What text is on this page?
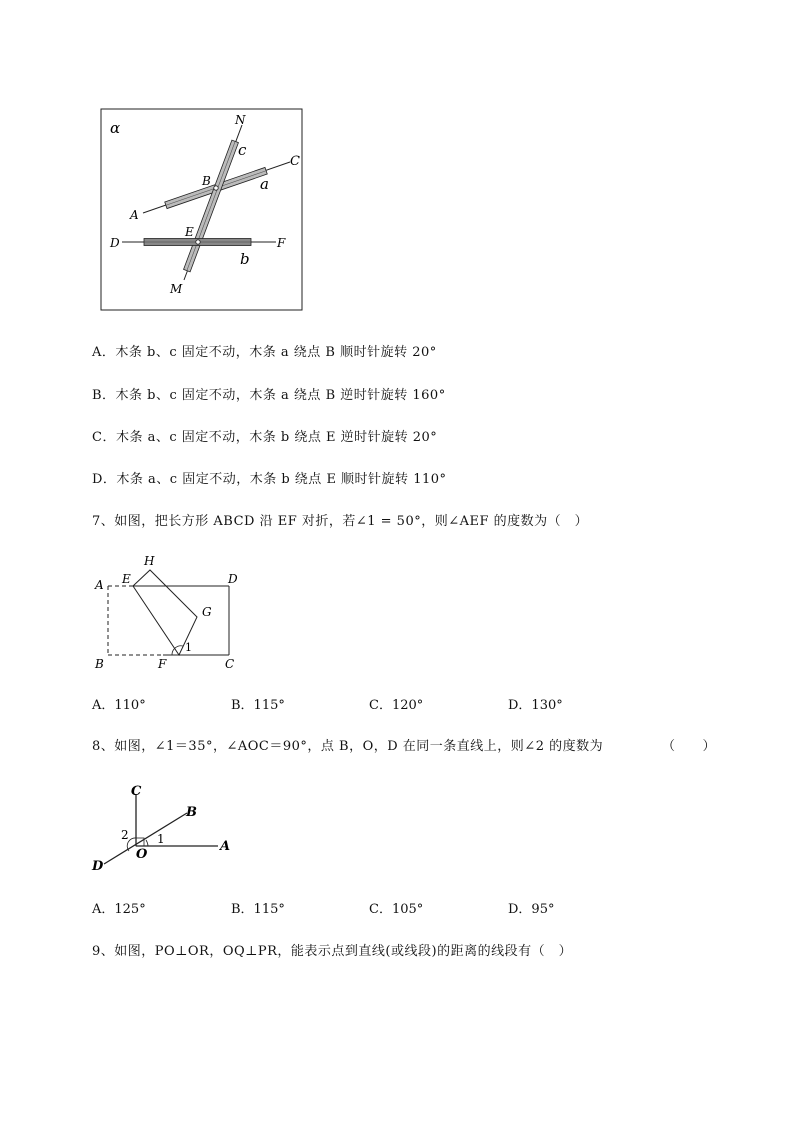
α	N
c
C
B	a
A
E
D	F
b
M
A．木条 b、c 固定不动，木条 a 绕点 B 顺时针旋转 20°
B．木条 b、c 固定不动，木条 a 绕点 B 逆时针旋转 160°
C．木条 a、c 固定不动，木条 b 绕点 E 逆时针旋转 20°
D．木条 a、c 固定不动，木条 b 绕点 E 顺时针旋转 110°
7、如图，把长方形 ABCD 沿 EF 对折，若∠1 = 50°，则∠AEF 的度数为（　）
A E
H
D
G
B	F	C
1
A．110°	B．115°	C．120°	D．130°
8、如图，∠1＝35°，∠AOC＝90°，点 B，O，D 在同一条直线上，则∠2 的度数为	（　　）
C
B
2 1
O
A
D
A．125°	B．115°	C．105°	D．95°
9、如图，PO⊥OR，OQ⊥PR，能表示点到直线(或线段)的距离的线段有（　）
